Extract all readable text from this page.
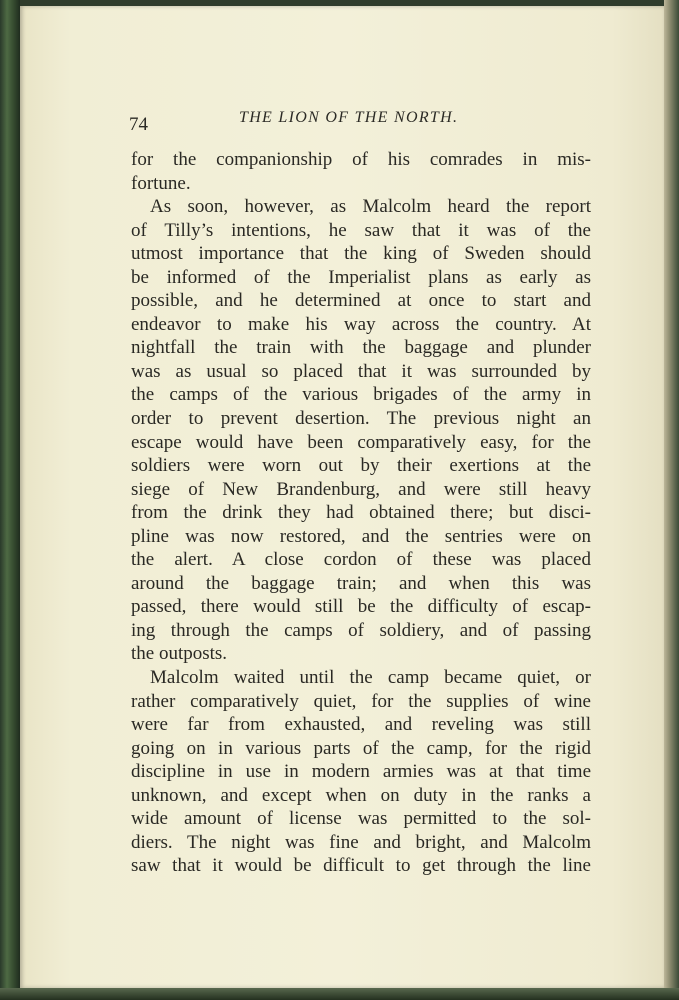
74	THE LION OF THE NORTH.
for the companionship of his comrades in mis-
fortune.
As soon, however, as Malcolm heard the report
of Tilly’s intentions, he saw that it was of the
utmost importance that the king of Sweden should
be informed of the Imperialist plans as early as
possible, and he determined at once to start and
endeavor to make his way across the country. At
nightfall the train with the baggage and plunder
was as usual so placed that it was surrounded by
the camps of the various brigades of the army in
order to prevent desertion. The previous night an
escape would have been comparatively easy, for the
soldiers were worn out by their exertions at the
siege of New Brandenburg, and were still heavy
from the drink they had obtained there; but disci-
pline was now restored, and the sentries were on
the alert. A close cordon of these was placed
around the baggage train; and when this was
passed, there would still be the difficulty of escap-
ing through the camps of soldiery, and of passing
the outposts.
Malcolm waited until the camp became quiet, or
rather comparatively quiet, for the supplies of wine
were far from exhausted, and reveling was still
going on in various parts of the camp, for the rigid
discipline in use in modern armies was at that time
unknown, and except when on duty in the ranks a
wide amount of license was permitted to the sol-
diers. The night was fine and bright, and Malcolm
saw that it would be difficult to get through the line
